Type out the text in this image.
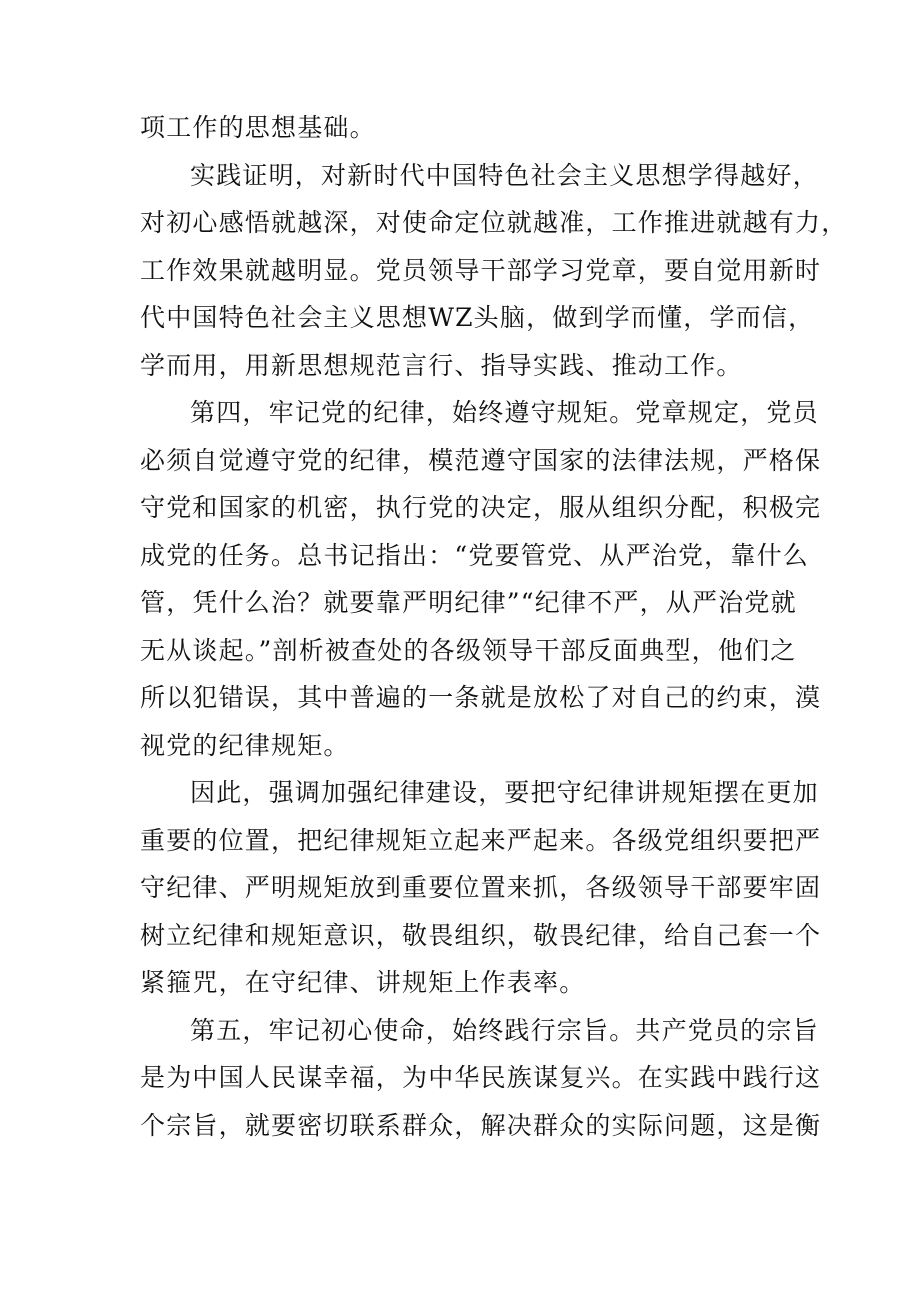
项工作的思想基础。
实践证明，对新时代中国特色社会主义思想学得越好，
对初心感悟就越深，对使命定位就越准，工作推进就越有力，
工作效果就越明显。党员领导干部学习党章，要自觉用新时
代中国特色社会主义思想WZ头脑，做到学而懂，学而信，
学而用，用新思想规范言行、指导实践、推动工作。
第四，牢记党的纪律，始终遵守规矩。党章规定，党员
必须自觉遵守党的纪律，模范遵守国家的法律法规，严格保
守党和国家的机密，执行党的决定，服从组织分配，积极完
成党的任务。总书记指出：“党要管党、从严治党，靠什么
管，凭什么治？就要靠严明纪律”“纪律不严，从严治党就
无从谈起。”剖析被查处的各级领导干部反面典型，他们之
所以犯错误，其中普遍的一条就是放松了对自己的约束，漠
视党的纪律规矩。
因此，强调加强纪律建设，要把守纪律讲规矩摆在更加
重要的位置，把纪律规矩立起来严起来。各级党组织要把严
守纪律、严明规矩放到重要位置来抓，各级领导干部要牢固
树立纪律和规矩意识，敬畏组织，敬畏纪律，给自己套一个
紧箍咒，在守纪律、讲规矩上作表率。
第五，牢记初心使命，始终践行宗旨。共产党员的宗旨
是为中国人民谋幸福，为中华民族谋复兴。在实践中践行这
个宗旨，就要密切联系群众，解决群众的实际问题，这是衡
